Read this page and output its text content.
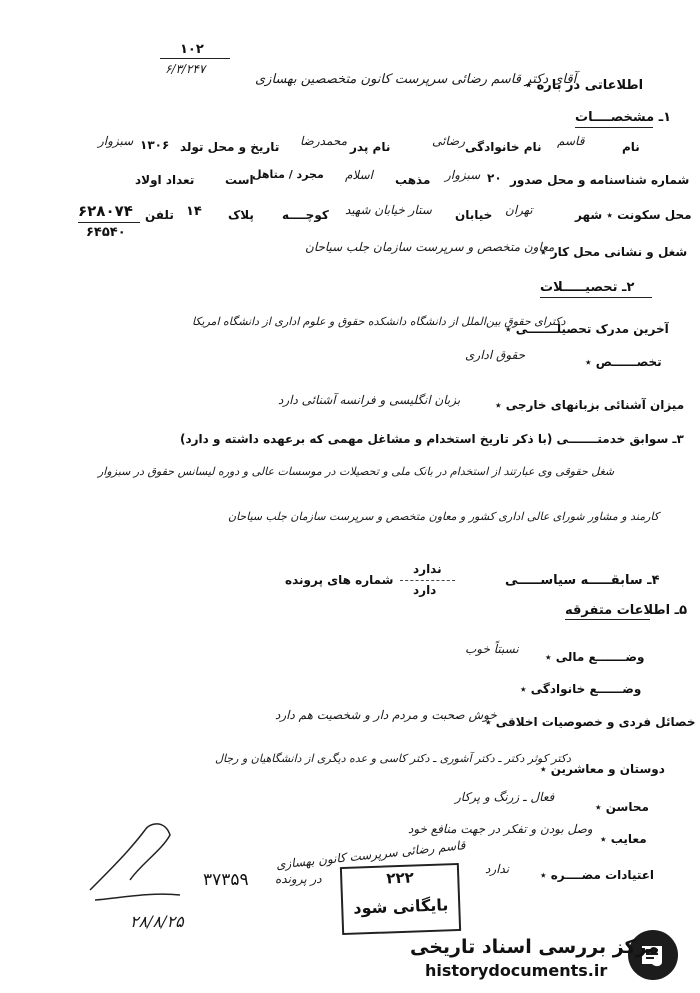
۱۰۲
۶/۳/۲۴۷
اطلاعاتی در باره ٭
آقای دکتر قاسم رضائی سرپرست کانون متخصصین بهسازی
۱ـ مشخصــــات
نام
قاسم
نام خانوادگی
رضائی
نام پدر
محمدرضا
تاریخ و محل تولد
۱۳۰۶
سبزوار
شماره شناسنامه و محل صدور
۲۰
سبزوار
مذهب
اسلام
مجرد / متاهل
است
تعداد اولاد
محل سکونت ٭ شهر
تهران
خیابان
ستار خیابان شهید
کوچــــه
پلاک
۱۴
تلفن
۶۲۸۰۷۴
۶۴۵۴۰
شغل و نشانی محل کار ٭
معاون متخصص و سرپرست سازمان جلب سیاحان
۲ـ تحصیـــــلات
آخرین مدرک تحصیلـــــــی ٭
دکترای حقوق بین‌الملل از دانشگاه دانشکده حقوق و علوم اداری از دانشگاه امریکا
تخصــــــص ٭
حقوق اداری
میزان آشنائی بزبانهای خارجی ٭
بزبان انگلیسی و فرانسه آشنائی دارد
۳ـ سوابق خدمتـــــــی (با ذکر تاریخ استخدام و مشاغل مهمی که برعهده داشته و دارد)
شغل حقوقی وی عبارتند از استخدام در بانک ملی و تحصیلات در موسسات عالی و دوره لیسانس حقوق در سبزوار
کارمند و مشاور شورای عالی اداری کشور و معاون متخصص و سرپرست سازمان جلب سیاحان
۴ـ سابقـــــه سیاســـــی
ندارد
دارد
شماره های پرونده
۵ـ اطلاعات متفرقه
وضـــــــع مالی ٭
نسبتاً خوب
وضــــــع خانوادگی ٭
خصائل فردی و خصوصیات اخلاقی ٭
خوش صحبت و مردم دار و شخصیت هم دارد
دوستان و معاشرین ٭
دکتر کوثر دکتر ـ دکتر آشوری ـ دکتر کاسی و عده دیگری از دانشگاهیان و رجال
محاسن ٭
فعال ـ زرنگ و پرکار
معایب ٭
وصل بودن و تفکر در جهت منافع خود
اعتیادات مضــــره ٭
ندارد
قاسم رضائی سرپرست کانون بهسازی
در پرونده
۳۷۳۵۹
۲۸/۸/۲۵
۲۲۲
بایگانی شود
مرکز بررسی اسناد تاریخی
historydocuments.ir
